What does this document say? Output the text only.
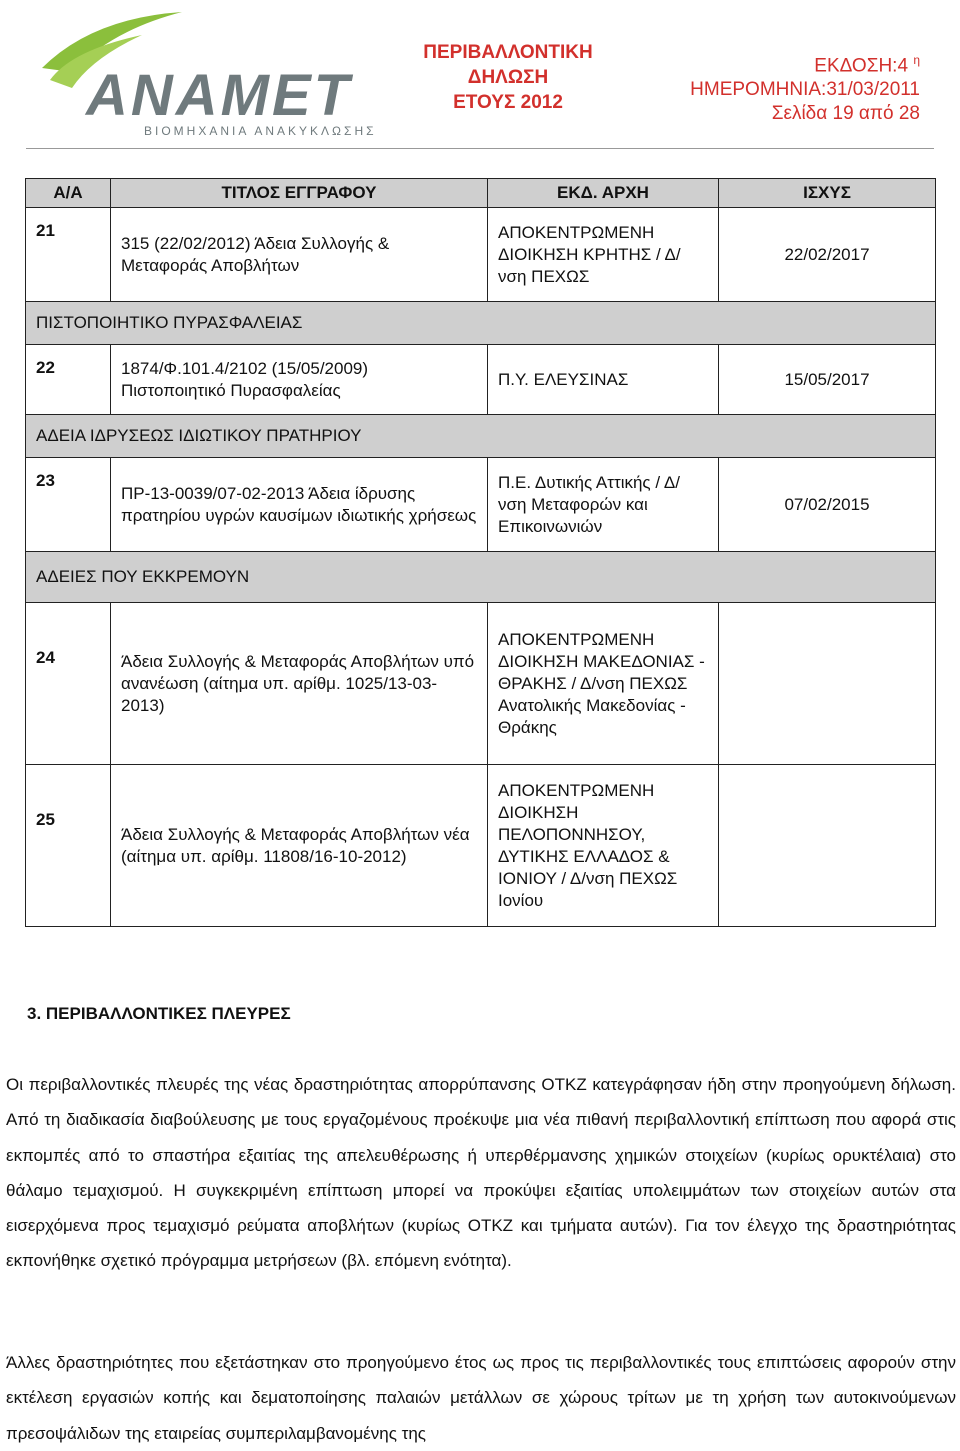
ANAMET
ΒΙΟΜΗΧΑΝΙΑ ΑΝΑΚΥΚΛΩΣΗΣ
ΠΕΡΙΒΑΛΛΟΝΤΙΚΗ
ΔΗΛΩΣΗ
ΕΤΟΥΣ 2012
ΕΚΔΟΣΗ:4 $^\eta$
ΗΜΕΡΟΜΗΝΙΑ:31/03/2011
Σελίδα 19 από 28
Α/Α	ΤΙΤΛΟΣ ΕΓΓΡΑΦΟΥ	ΕΚΔ. ΑΡΧΗ	ΙΣΧΥΣ
21	315 (22/02/2012) Άδεια Συλλογής & Μεταφοράς Αποβλήτων	ΑΠΟΚΕΝΤΡΩΜΕΝΗ ΔΙΟΙΚΗΣΗ ΚΡΗΤΗΣ / Δ/νση ΠΕΧΩΣ	22/02/2017
ΠΙΣΤΟΠΟΙΗΤΙΚΟ ΠΥΡΑΣΦΑΛΕΙΑΣ			
22	1874/Φ.101.4/2102 (15/05/2009) Πιστοποιητικό Πυρασφαλείας	Π.Υ. ΕΛΕΥΣΙΝΑΣ	15/05/2017
ΑΔΕΙΑ ΙΔΡΥΣΕΩΣ ΙΔΙΩΤΙΚΟΥ ΠΡΑΤΗΡΙΟΥ			
23	ΠΡ-13-0039/07-02-2013 Άδεια ίδρυσης πρατηρίου υγρών καυσίμων ιδιωτικής χρήσεως	Π.Ε. Δυτικής Αττικής / Δ/νση Μεταφορών και Επικοινωνιών	07/02/2015
ΑΔΕΙΕΣ ΠΟΥ ΕΚΚΡΕΜΟΥΝ			
24	Άδεια Συλλογής & Μεταφοράς Αποβλήτων υπό ανανέωση (αίτημα υπ. αρίθμ. 1025/13-03-2013)	ΑΠΟΚΕΝΤΡΩΜΕΝΗ ΔΙΟΙΚΗΣΗ ΜΑΚΕΔΟΝΙΑΣ - ΘΡΑΚΗΣ / Δ/νση ΠΕΧΩΣ Ανατολικής Μακεδονίας - Θράκης	
25	Άδεια Συλλογής & Μεταφοράς Αποβλήτων νέα (αίτημα υπ. αρίθμ. 11808/16-10-2012)	ΑΠΟΚΕΝΤΡΩΜΕΝΗ ΔΙΟΙΚΗΣΗ ΠΕΛΟΠΟΝΝΗΣΟΥ, ΔΥΤΙΚΗΣ ΕΛΛΑΔΟΣ & ΙΟΝΙΟΥ / Δ/νση ΠΕΧΩΣ Ιονίου	
3. ΠΕΡΙΒΑΛΛΟΝΤΙΚΕΣ ΠΛΕΥΡΕΣ
Οι περιβαλλοντικές πλευρές της νέας δραστηριότητας απορρύπανσης ΟΤΚΖ κατεγράφησαν ήδη στην προηγούμενη δήλωση. Από τη διαδικασία διαβούλευσης με τους εργαζομένους προέκυψε μια νέα πιθανή περιβαλλοντική επίπτωση που αφορά στις εκπομπές από το σπαστήρα εξαιτίας της απελευθέρωσης ή υπερθέρμανσης χημικών στοιχείων (κυρίως ορυκτέλαια) στο θάλαμο τεμαχισμού. Η συγκεκριμένη επίπτωση μπορεί να προκύψει εξαιτίας υπολειμμάτων των στοιχείων αυτών στα εισερχόμενα προς τεμαχισμό ρεύματα αποβλήτων (κυρίως ΟΤΚΖ και τμήματα αυτών). Για τον έλεγχο της δραστηριότητας εκπονήθηκε σχετικό πρόγραμμα μετρήσεων (βλ. επόμενη ενότητα).
Άλλες δραστηριότητες που εξετάστηκαν στο προηγούμενο έτος ως προς τις περιβαλλοντικές τους επιπτώσεις αφορούν στην εκτέλεση εργασιών κοπής και δεματοποίησης παλαιών μετάλλων σε χώρους τρίτων με τη χρήση των αυτοκινούμενων πρεσοψάλιδων της εταιρείας συμπεριλαμβανομένης της
